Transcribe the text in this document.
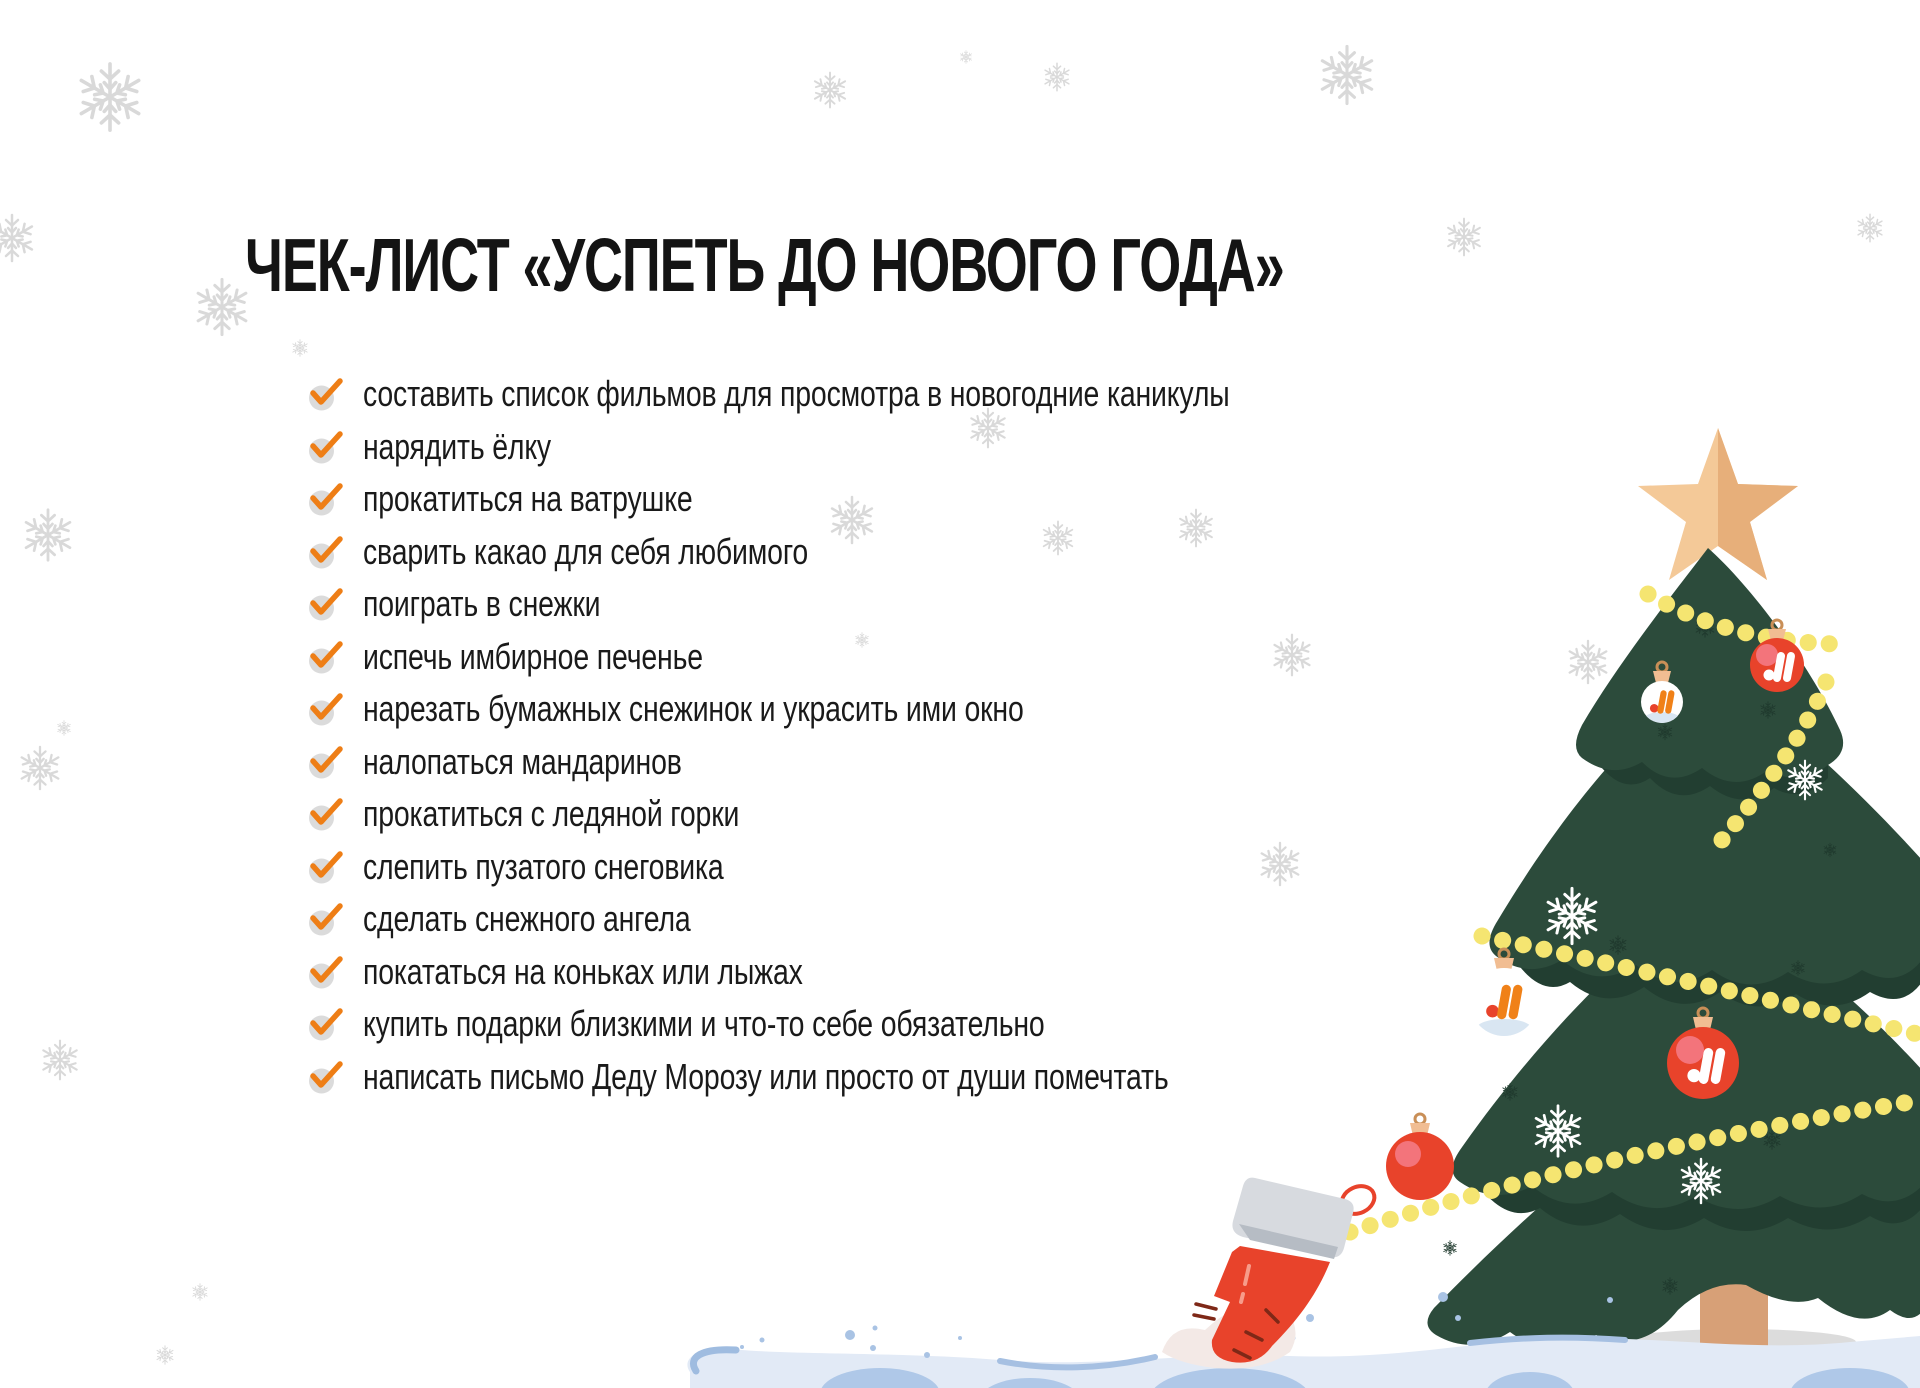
ЧЕК-ЛИСТ «УСПЕТЬ ДО НОВОГО ГОДА»
составить список фильмов для просмотра в новогодние каникулы
нарядить ёлку
прокатиться на ватрушке
сварить какао для себя любимого
поиграть в снежки
испечь имбирное печенье
нарезать бумажных снежинок и украсить ими окно
налопаться мандаринов
прокатиться с ледяной горки
слепить пузатого снеговика
сделать снежного ангела
покататься на коньках или лыжах
купить подарки близкими и что-то себе обязательно
написать письмо Деду Морозу или просто от души помечтать
